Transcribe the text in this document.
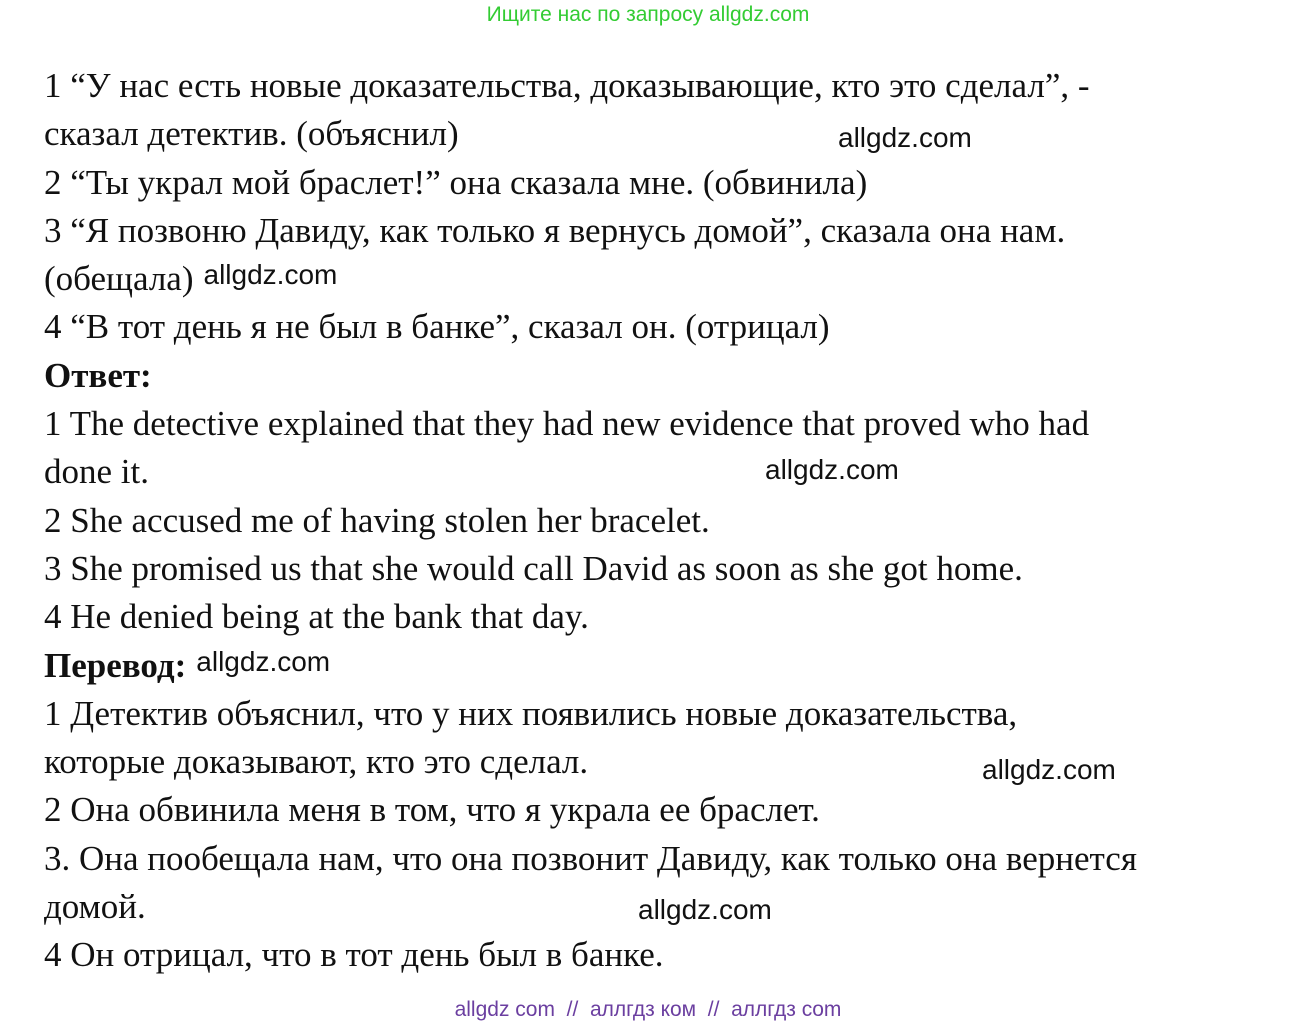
Ищите нас по запросу allgdz.com
1 “У нас есть новые доказательства, доказывающие, кто это сделал”, -
сказал детектив. (объяснил)
2 “Ты украл мой браслет!” она сказала мне. (обвинила)
3 “Я позвоню Давиду, как только я вернусь домой”, сказала она нам.
(обещала) allgdz.com
4 “В тот день я не был в банке”, сказал он. (отрицал)
Ответ:
1 The detective explained that they had new evidence that proved who had
done it.
2 She accused me of having stolen her bracelet.
3 She promised us that she would call David as soon as she got home.
4 He denied being at the bank that day.
Перевод: allgdz.com
1 Детектив объяснил, что у них появились новые доказательства,
которые доказывают, кто это сделал.
2 Она обвинила меня в том, что я украла ее браслет.
3. Она пообещала нам, что она позвонит Давиду, как только она вернется
домой.
4 Он отрицал, что в тот день был в банке.
allgdz.com
allgdz.com
allgdz.com
allgdz.com
allgdz com  //  аллгдз ком  //  аллгдз com
